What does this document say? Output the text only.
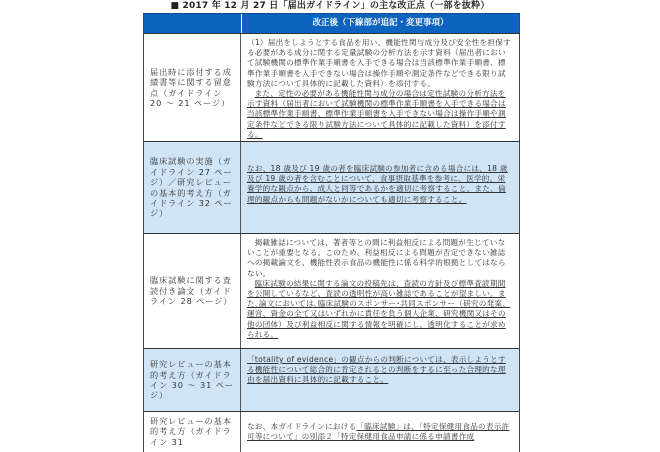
■ 2017 年 12 月 27 日「届出ガイドライン」の主な改正点（一部を抜粋）
改正後（下線部が追記・変更事項）
届出時に添付する成績書等に関する留意点（ガイドライン 20 〜 21 ページ）
（1）届出をしようとする食品を用い、機能性関与成分及び安全性を担保する必要がある成分に関する定量試験の分析方法を示す資料（届出者において試験機関の標準作業手順書を入手できる場合は当該標準作業手順書、標準作業手順書を入手できない場合は操作手順や測定条件などできる限り試験方法について具体的に記載した資料）を添付する。
また、定性の必要がある機能性関与成分の場合は定性試験の分析方法を示す資料（届出者において試験機関の標準作業手順書を入手できる場合は当該標準作業手順書、標準作業手順書を入手できない場合は操作手順や測定条件などできる限り試験方法について具体的に記載した資料）を添付する。
臨床試験の実施（ガイドライン 27 ページ）／研究レビューの基本的考え方（ガイドライン 32 ページ）
なお、18 歳及び 19 歳の者を臨床試験の参加者に含める場合には、18 歳及び 19 歳の者を含むことについて、食事摂取基準を参考に、医学的、栄養学的な観点から、成人と同等であるかを適切に考察すること。また、倫理的観点からも問題がないかについても適切に考察すること。
臨床試験に関する査読付き論文（ガイドライン 28 ページ）
掲載雑誌については、著者等との間に利益相反による問題が生じていないことが重要となる。このため、利益相反による問題が否定できない雑誌への掲載論文を、機能性表示食品の機能性に係る科学的根拠としてはならない。
臨床試験の結果に関する論文の投稿先は、査読の方針及び標準査読期間を公開しているなど、査読の透明性が高い雑誌であることが望ましい。また､論文においては､臨床試験のスポンサー･共同スポンサー（研究の発案、運営、資金の全て又はいずれかに責任を負う個人企業、研究機関又はその他の団体）及び利益相反に関する情報を明確にし、透明化することが求められる。
研究レビューの基本的考え方（ガイドライン 30 〜 31 ページ）
「totality of evidence」の観点からの判断については、表示しようとする機能性について総合的に肯定されるとの判断をするに至った合理的な理由を届出資料に具体的に記載すること。
研究レビューの基本的考え方（ガイドライン 31
なお、本ガイドラインにおける「臨床試験」は、「特定保健用食品の表示許可等について」の別添２「特定保健用食品申請に係る申請書作成
